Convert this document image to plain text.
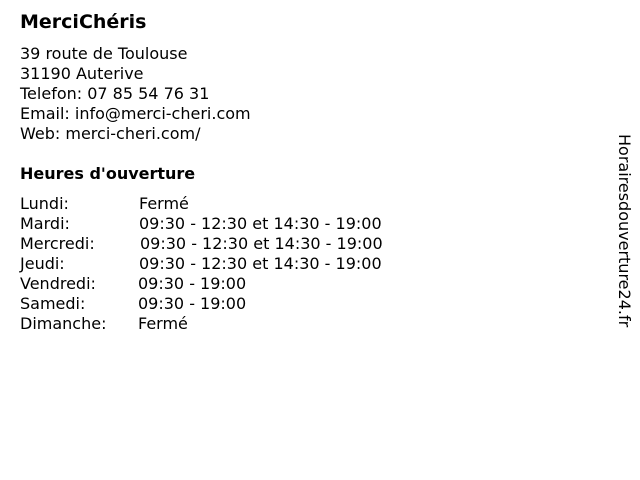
MerciChéris
39 route de Toulouse
31190 Auterive
Telefon: 07 85 54 76 31
Email: info@merci-cheri.com
Web: merci-cheri.com/
Heures d'ouverture
Lundi:	Fermé
Mardi:	09:30 - 12:30 et 14:30 - 19:00
Mercredi:	09:30 - 12:30 et 14:30 - 19:00
Jeudi:	09:30 - 12:30 et 14:30 - 19:00
Vendredi:	09:30 - 19:00
Samedi:	09:30 - 19:00
Dimanche: Fermé	Horairesdouverture24.fr
